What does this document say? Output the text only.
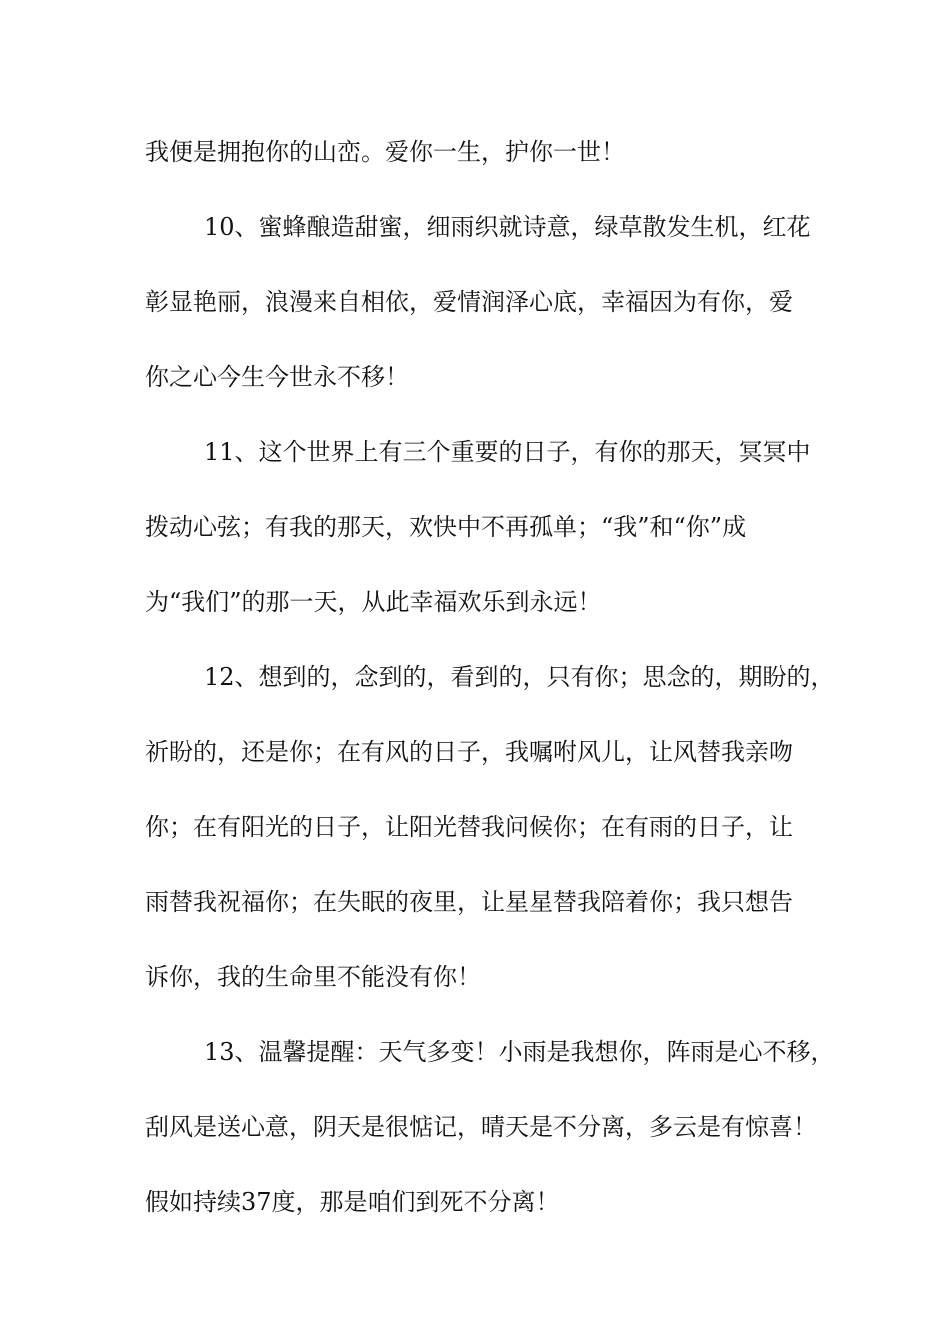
我便是拥抱你的山峦。爱你一生，护你一世！

10、蜜蜂酿造甜蜜，细雨织就诗意，绿草散发生机，红花

彰显艳丽，浪漫来自相依，爱情润泽心底，幸福因为有你，爱

你之心今生今世永不移！

11、这个世界上有三个重要的日子，有你的那天，冥冥中

拨动心弦；有我的那天，欢快中不再孤单；“我”和“你”成

为“我们”的那一天，从此幸福欢乐到永远！

12、想到的，念到的，看到的，只有你；思念的，期盼的，

祈盼的，还是你；在有风的日子，我嘱咐风儿，让风替我亲吻

你；在有阳光的日子，让阳光替我问候你；在有雨的日子，让

雨替我祝福你；在失眠的夜里，让星星替我陪着你；我只想告

诉你，我的生命里不能没有你！

13、温馨提醒：天气多变！小雨是我想你，阵雨是心不移，

刮风是送心意，阴天是很惦记，晴天是不分离，多云是有惊喜！

假如持续37度，那是咱们到死不分离！
